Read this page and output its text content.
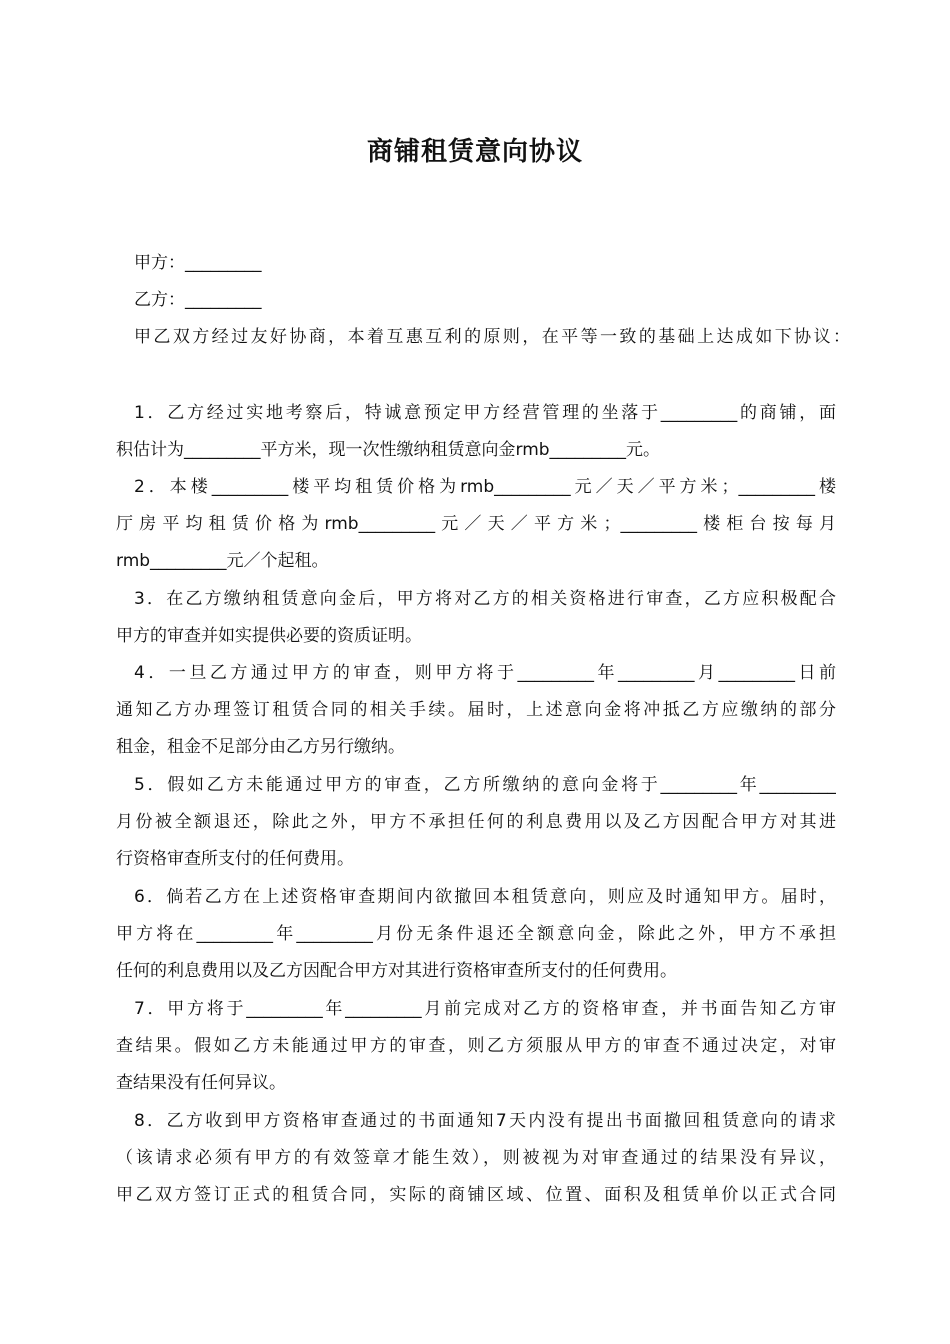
商铺租赁意向协议
甲方：_________
乙方：_________
甲乙双方经过友好协商，本着互惠互利的原则，在平等一致的基础上达成如下协议：
1．乙方经过实地考察后，特诚意预定甲方经营管理的坐落于_________的商铺，面
积估计为_________平方米，现一次性缴纳租赁意向金rmb_________元。
2．本楼_________楼平均租赁价格为rmb_________元／天／平方米；_________楼
厅房平均租赁价格为rmb_________元／天／平方米；_________楼柜台按每月
rmb_________元／个起租。
3．在乙方缴纳租赁意向金后，甲方将对乙方的相关资格进行审查，乙方应积极配合
甲方的审查并如实提供必要的资质证明。
4．一旦乙方通过甲方的审查，则甲方将于_________年_________月_________日前
通知乙方办理签订租赁合同的相关手续。届时，上述意向金将冲抵乙方应缴纳的部分
租金，租金不足部分由乙方另行缴纳。
5．假如乙方未能通过甲方的审查，乙方所缴纳的意向金将于_________年_________
月份被全额退还，除此之外，甲方不承担任何的利息费用以及乙方因配合甲方对其进
行资格审查所支付的任何费用。
6．倘若乙方在上述资格审查期间内欲撤回本租赁意向，则应及时通知甲方。届时，
甲方将在_________年_________月份无条件退还全额意向金，除此之外，甲方不承担
任何的利息费用以及乙方因配合甲方对其进行资格审查所支付的任何费用。
7．甲方将于_________年_________月前完成对乙方的资格审查，并书面告知乙方审
查结果。假如乙方未能通过甲方的审查，则乙方须服从甲方的审查不通过决定，对审
查结果没有任何异议。
8．乙方收到甲方资格审查通过的书面通知7天内没有提出书面撤回租赁意向的请求
（该请求必须有甲方的有效签章才能生效），则被视为对审查通过的结果没有异议，
甲乙双方签订正式的租赁合同，实际的商铺区域、位置、面积及租赁单价以正式合同
